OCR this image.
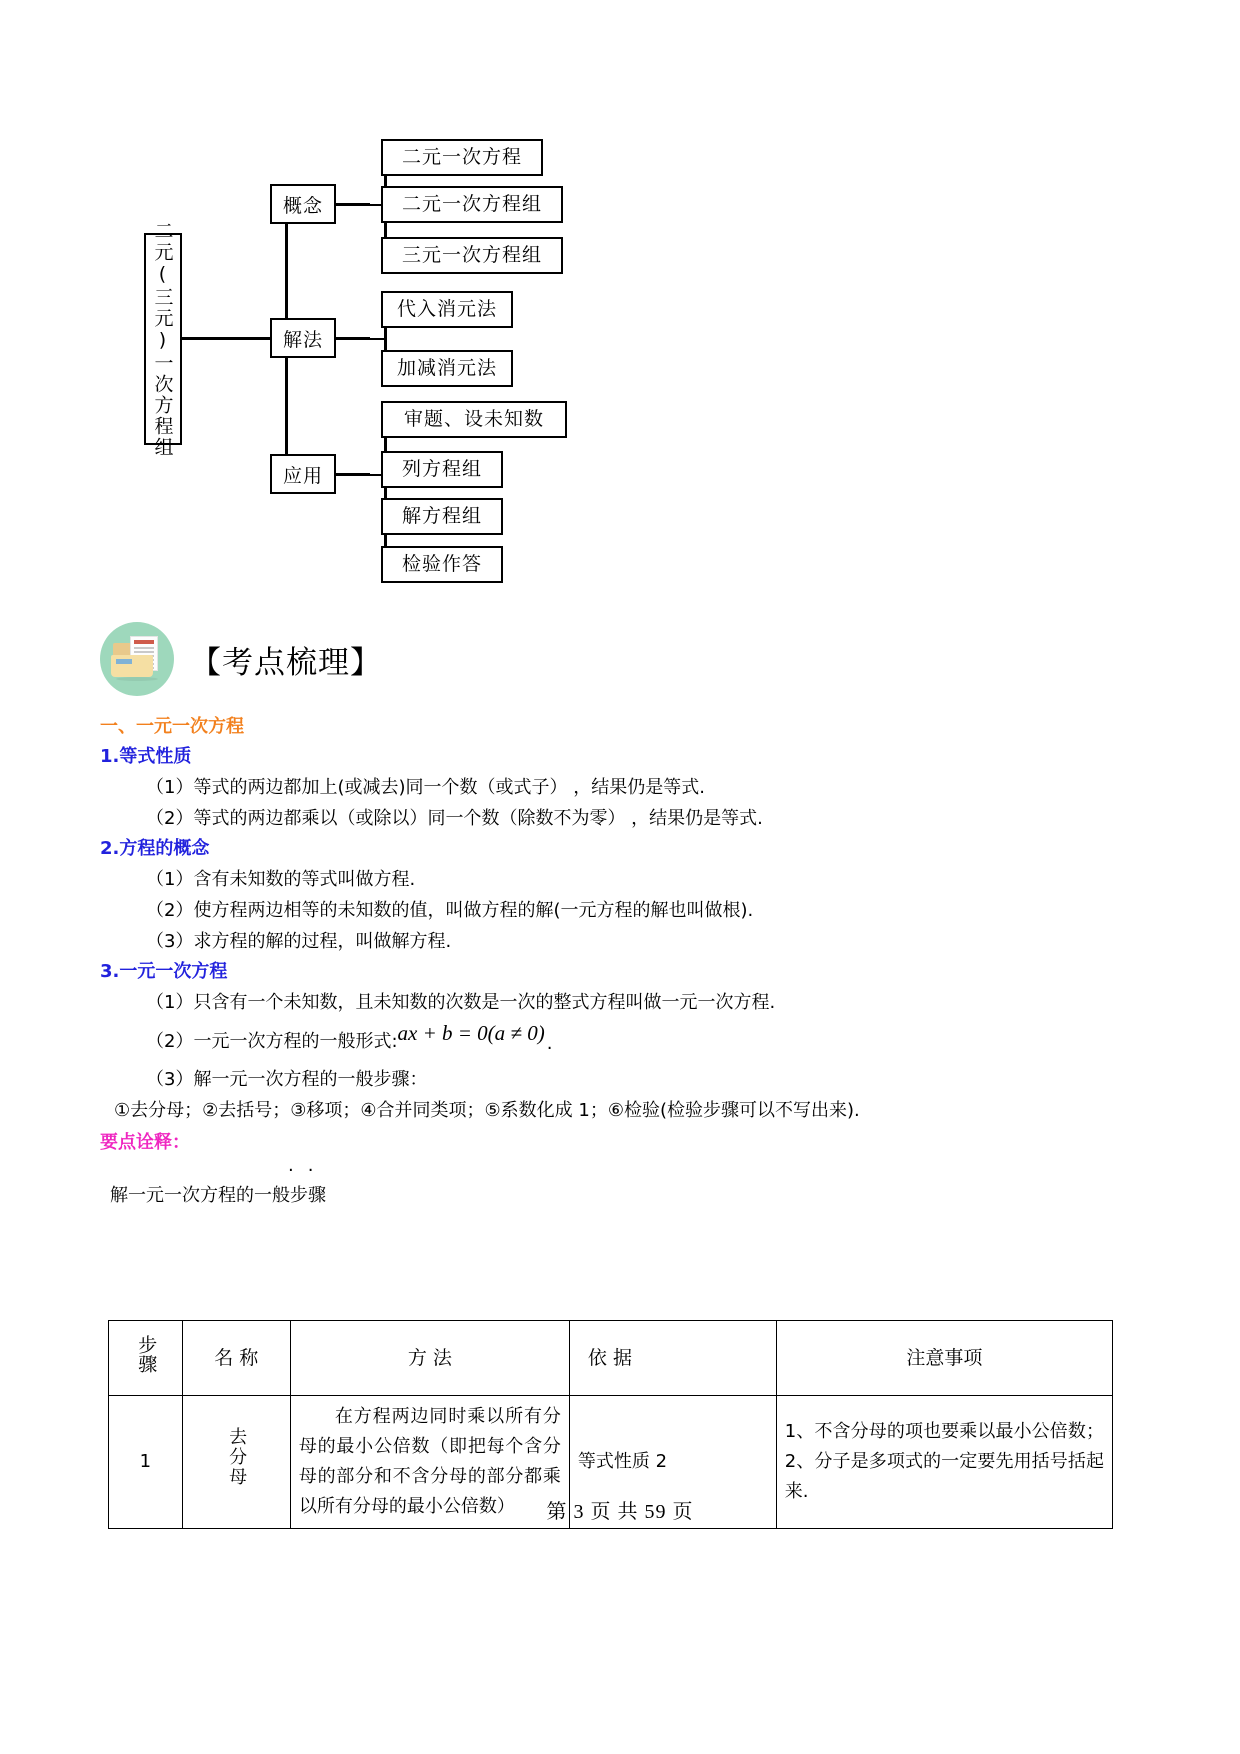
二元(三元)一次方程组
概念
解法
应用
二元一次方程
二元一次方程组
三元一次方程组
代入消元法
加减消元法
审题、设未知数
列方程组
解方程组
检验作答
【考点梳理】
一、一元一次方程
1.等式性质
（1）等式的两边都加上(或减去)同一个数（或式子） ，结果仍是等式.
（2）等式的两边都乘以（或除以）同一个数（除数不为零） ，结果仍是等式.
2.方程的概念
（1）含有未知数的等式叫做方程.
（2）使方程两边相等的未知数的值，叫做方程的解(一元方程的解也叫做根).
（3）求方程的解的过程，叫做解方程.
3.一元一次方程
（1）只含有一个未知数，且未知数的次数是一次的整式方程叫做一元一次方程.
（2）一元一次方程的一般形式: ax + b = 0(a ≠ 0) .
（3）解一元一次方程的一般步骤：
①去分母；②去括号；③移项；④合并同类项；⑤系数化成 1；⑥检验(检验步骤可以不写出来).
要点诠释：
··
解一元一次方程的一般步骤
步骤	名 称	方 法	依 据	注意事项
1	去分母	在方程两边同时乘以所有分母的最小公倍数（即把每个含分母的部分和不含分母的部分都乘以所有分母的最小公倍数）	等式性质 2	1、不含分母的项也要乘以最小公倍数；2、分子是多项式的一定要先用括号括起来.
第 3 页 共 59 页
